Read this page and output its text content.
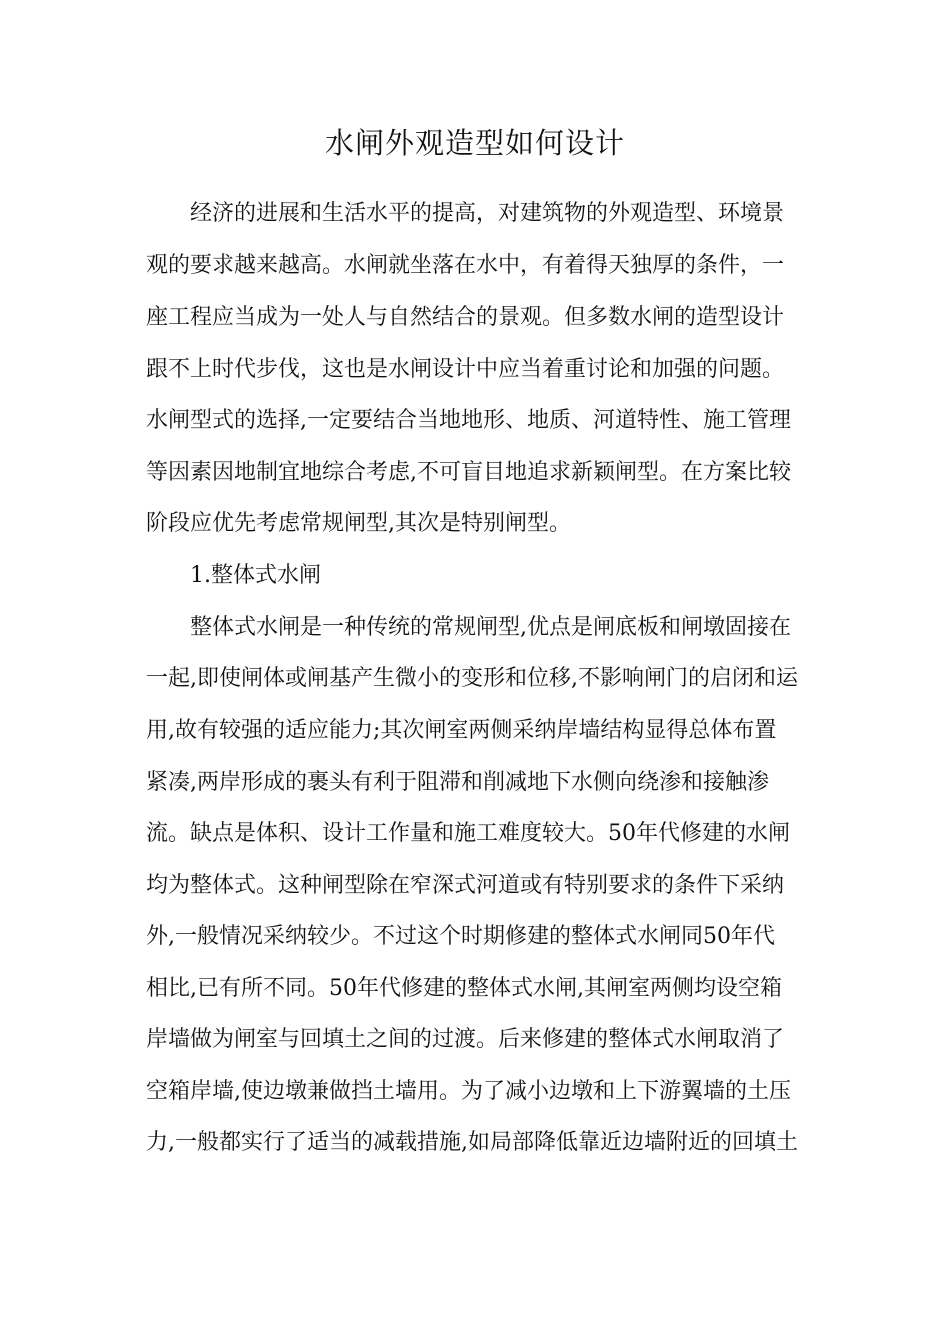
水闸外观造型如何设计

经济的进展和生活水平的提高，对建筑物的外观造型、环境景

观的要求越来越高。水闸就坐落在水中，有着得天独厚的条件，一

座工程应当成为一处人与自然结合的景观。但多数水闸的造型设计

跟不上时代步伐，这也是水闸设计中应当着重讨论和加强的问题。

水闸型式的选择,一定要结合当地地形、地质、河道特性、施工管理

等因素因地制宜地综合考虑,不可盲目地追求新颖闸型。在方案比较

阶段应优先考虑常规闸型,其次是特别闸型。

1.整体式水闸

整体式水闸是一种传统的常规闸型,优点是闸底板和闸墩固接在

一起,即使闸体或闸基产生微小的变形和位移,不影响闸门的启闭和运

用,故有较强的适应能力;其次闸室两侧采纳岸墙结构显得总体布置

紧凑,两岸形成的裹头有利于阻滞和削减地下水侧向绕渗和接触渗

流。缺点是体积、设计工作量和施工难度较大。50年代修建的水闸

均为整体式。这种闸型除在窄深式河道或有特别要求的条件下采纳

外,一般情况采纳较少。不过这个时期修建的整体式水闸同50年代

相比,已有所不同。50年代修建的整体式水闸,其闸室两侧均设空箱

岸墙做为闸室与回填土之间的过渡。后来修建的整体式水闸取消了

空箱岸墙,使边墩兼做挡土墙用。为了减小边墩和上下游翼墙的土压

力,一般都实行了适当的减载措施,如局部降低靠近边墙附近的回填土
